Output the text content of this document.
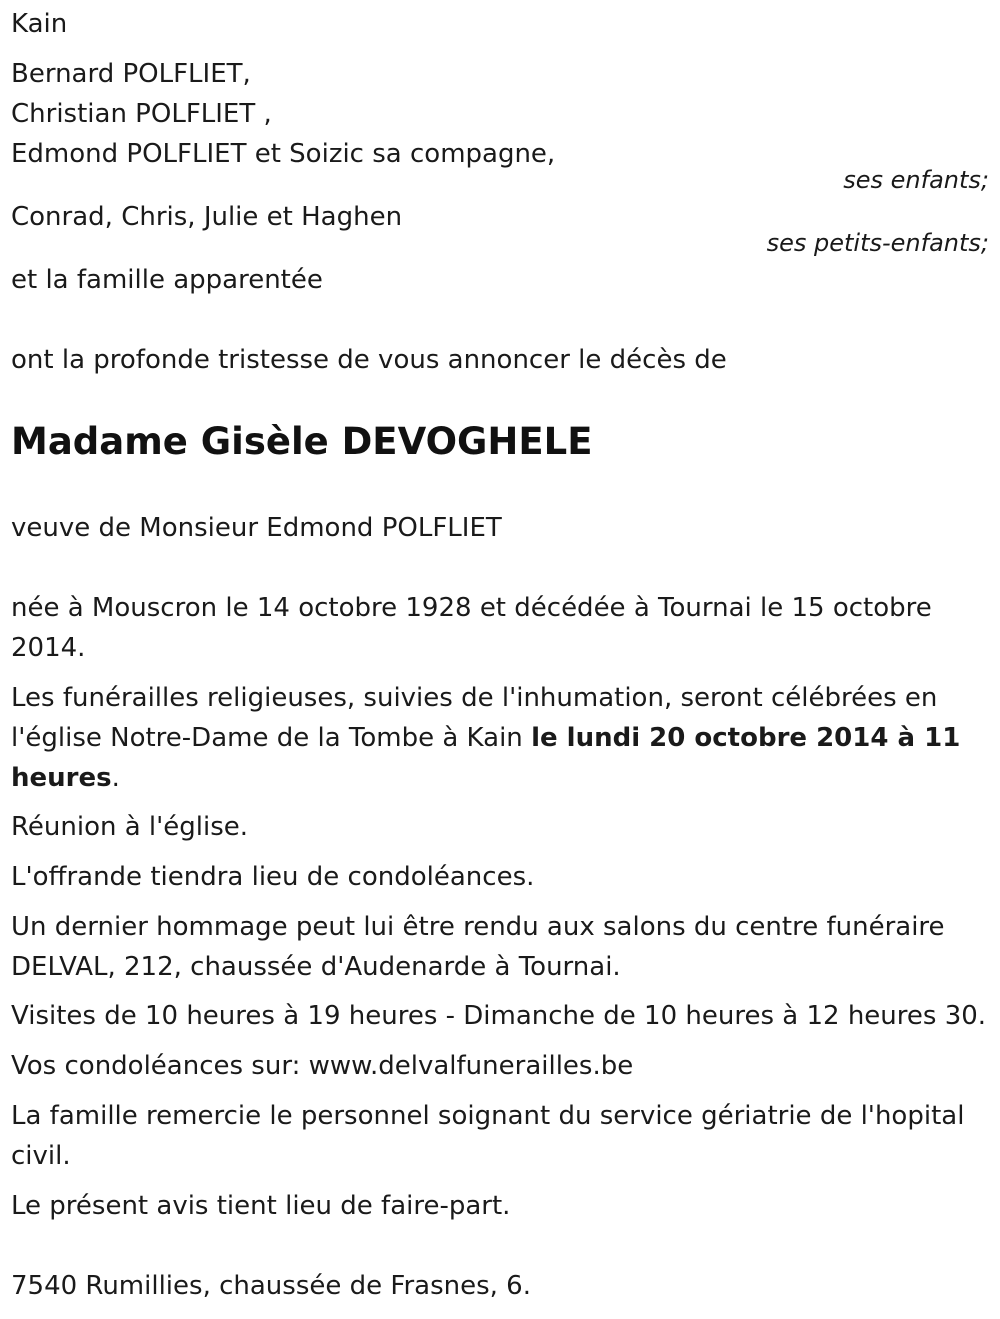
Kain
Bernard POLFLIET,
Christian POLFLIET ,
Edmond POLFLIET et Soizic sa compagne,
ses enfants;
Conrad, Chris, Julie et Haghen
ses petits-enfants;
et la famille apparentée
ont la profonde tristesse de vous annoncer le décès de
Madame Gisèle DEVOGHELE
veuve de Monsieur Edmond POLFLIET

née à Mouscron le 14 octobre 1928 et décédée à Tournai le 15 octobre 2014.

Les funérailles religieuses, suivies de l'inhumation, seront célébrées en l'église Notre-Dame de la Tombe à Kain le lundi 20 octobre 2014 à 11 heures.

Réunion à l'église.
L'offrande tiendra lieu de condoléances.

Un dernier hommage peut lui être rendu aux salons du centre funéraire DELVAL, 212, chaussée d'Audenarde à Tournai.

Visites de 10 heures à 19 heures - Dimanche de 10 heures à 12 heures 30.
Vos condoléances sur: www.delvalfunerailles.be

La famille remercie le personnel soignant du service gériatrie de l'hopital civil.

Le présent avis tient lieu de faire-part.
7540 Rumillies, chaussée de Frasnes, 6.
